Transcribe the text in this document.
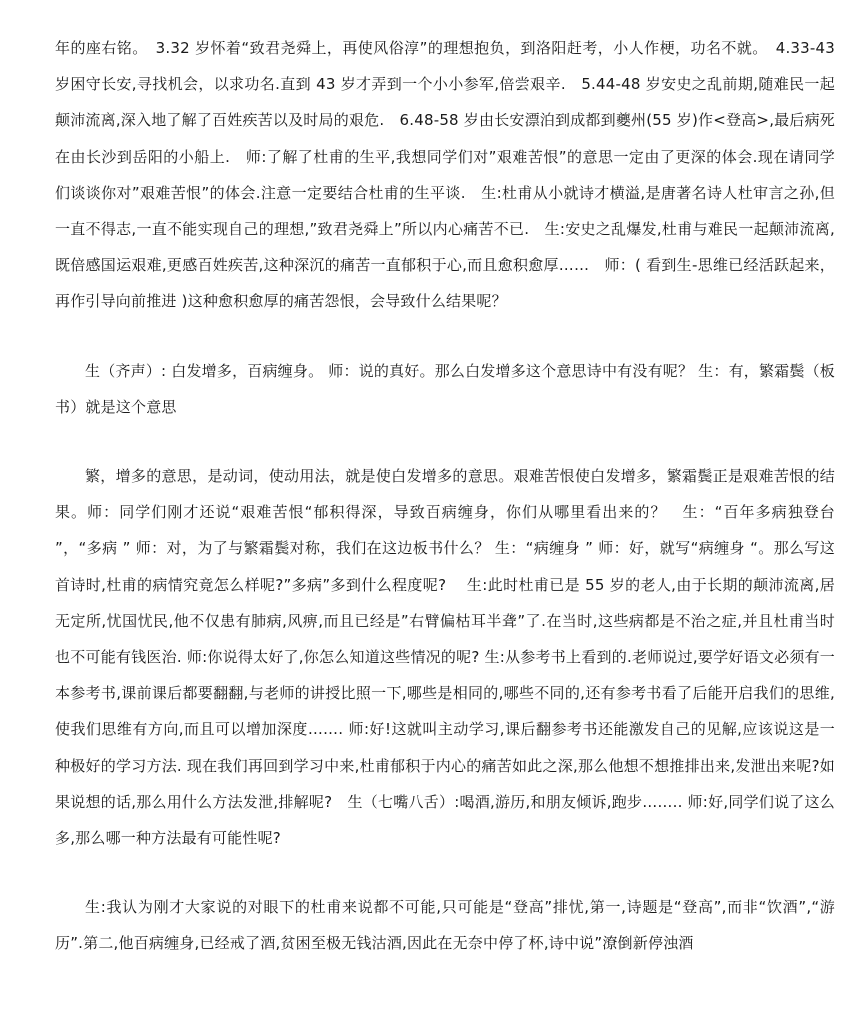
年的座右铭。　3.32 岁怀着“致君尧舜上，再使风俗淳”的理想抱负，到洛阳赶考，小人作梗，功名不就。　4.33-43 岁困守长安,寻找机会，以求功名.直到 43 岁才弄到一个小小参军,倍尝艰辛.　5.44-48 岁安史之乱前期,随难民一起颠沛流离,深入地了解了百姓疾苦以及时局的艰危.　6.48-58 岁由长安漂泊到成都到夔州(55 岁)作<登高>,最后病死在由长沙到岳阳的小船上.　师:了解了杜甫的生平,我想同学们对”艰难苦恨”的意思一定由了更深的体会.现在请同学们谈谈你对”艰难苦恨”的体会.注意一定要结合杜甫的生平谈.　生:杜甫从小就诗才横溢,是唐著名诗人杜审言之孙,但一直不得志,一直不能实现自己的理想,”致君尧舜上”所以内心痛苦不已.　生:安史之乱爆发,杜甫与难民一起颠沛流离,既倍感国运艰难,更感百姓疾苦,这种深沉的痛苦一直郁积于心,而且愈积愈厚……　师：( 看到生-思维已经活跃起来，再作引导向前推进 )这种愈积愈厚的痛苦怨恨，会导致什么结果呢？

生（齐声）: 白发增多，百病缠身。 师：说的真好。那么白发增多这个意思诗中有没有呢？ 生：有，繁霜鬓（板书）就是这个意思

繁，增多的意思，是动词，使动用法，就是使白发增多的意思。艰难苦恨使白发增多，繁霜鬓正是艰难苦恨的结果。师：同学们刚才还说“艰难苦恨“郁积得深，导致百病缠身，你们从哪里看出来的？　生：“百年多病独登台 ”，“多病 ” 师：对，为了与繁霜鬓对称，我们在这边板书什么？ 生：“病缠身 ” 师：好，就写“病缠身 “。那么写这首诗时,杜甫的病情究竟怎么样呢?”多病”多到什么程度呢?　 生:此时杜甫已是 55 岁的老人,由于长期的颠沛流离,居无定所,忧国忧民,他不仅患有肺病,风痹,而且已经是”右臂偏枯耳半聋”了.在当时,这些病都是不治之症,并且杜甫当时也不可能有钱医治. 师:你说得太好了,你怎么知道这些情况的呢? 生:从参考书上看到的.老师说过,要学好语文必须有一本参考书,课前课后都要翻翻,与老师的讲授比照一下,哪些是相同的,哪些不同的,还有参考书看了后能开启我们的思维,使我们思维有方向,而且可以增加深度……. 师:好!这就叫主动学习,课后翻参考书还能激发自己的见解,应该说这是一种极好的学习方法. 现在我们再回到学习中来,杜甫郁积于内心的痛苦如此之深,那么他想不想推排出来,发泄出来呢?如果说想的话,那么用什么方法发泄,排解呢?　生（七嘴八舌）:喝酒,游历,和朋友倾诉,跑步…….. 师:好,同学们说了这么多,那么哪一种方法最有可能性呢?

生:我认为刚才大家说的对眼下的杜甫来说都不可能,只可能是“登高”排忧,第一,诗题是“登高”,而非“饮酒”,“游历”.第二,他百病缠身,已经戒了酒,贫困至极无钱沽酒,因此在无奈中停了杯,诗中说”潦倒新停浊酒
